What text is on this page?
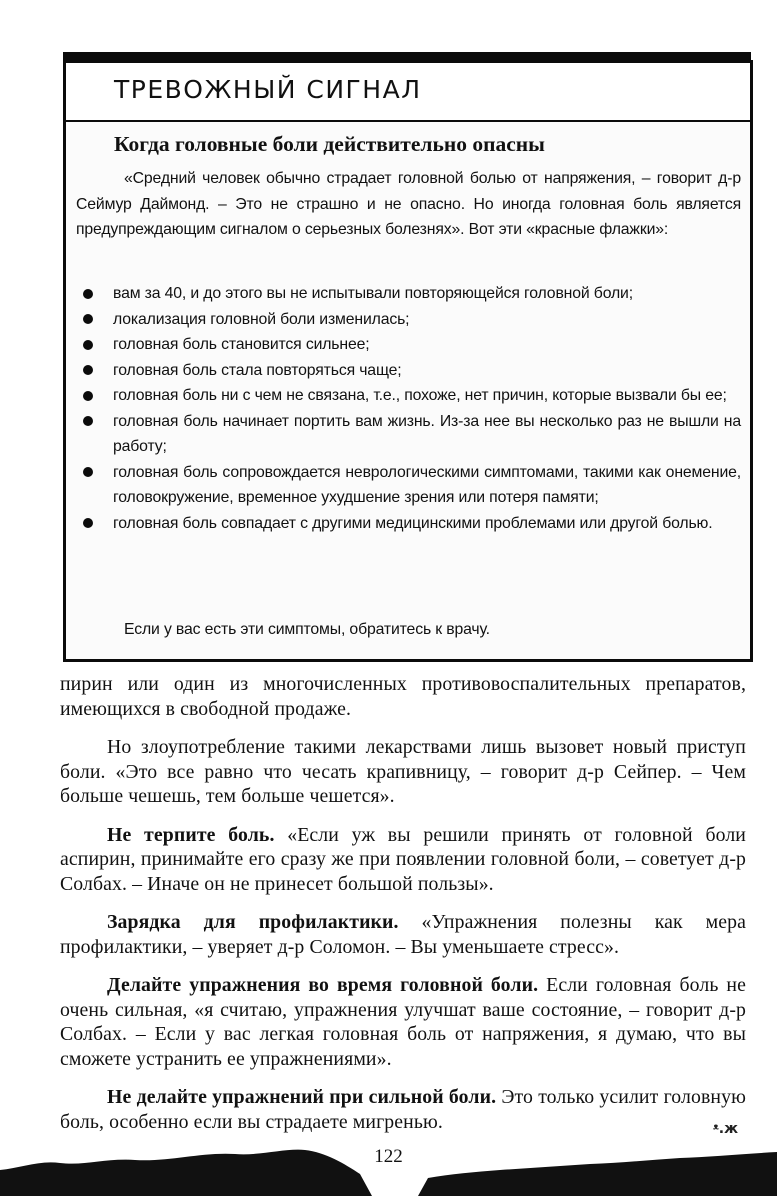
ТРЕВОЖНЫЙ СИГНАЛ
Когда головные боли действительно опасны

«Средний человек обычно страдает головной болью от напряжения, – говорит д-р Сеймур Даймонд. – Это не страшно и не опасно. Но иногда головная боль является предупреждающим сигналом о серьезных болезнях». Вот эти «красные флажки»:

вам за 40, и до этого вы не испытывали повторяющейся головной боли;
локализация головной боли изменилась;
головная боль становится сильнее;
головная боль стала повторяться чаще;
головная боль ни с чем не связана, т.е., похоже, нет причин, которые вызвали бы ее;
головная боль начинает портить вам жизнь. Из-за нее вы несколько раз не вышли на работу;
головная боль сопровождается неврологическими симптомами, такими как онемение, головокружение, временное ухудшение зрения или потеря памяти;
головная боль совпадает с другими медицинскими проблемами или другой болью.

Если у вас есть эти симптомы, обратитесь к врачу.

пирин или один из многочисленных противовоспалительных препаратов, имеющихся в свободной продаже.

Но злоупотребление такими лекарствами лишь вызовет новый приступ боли. «Это все равно что чесать крапивницу, – говорит д-р Сейпер. – Чем больше чешешь, тем больше чешется».

Не терпите боль. «Если уж вы решили принять от головной боли аспирин, принимайте его сразу же при появлении головной боли, – советует д-р Солбах. – Иначе он не принесет большой пользы».

Зарядка для профилактики. «Упражнения полезны как мера профилактики, – уверяет д-р Соломон. – Вы уменьшаете стресс».

Делайте упражнения во время головной боли. Если головная боль не очень сильная, «я считаю, упражнения улучшат ваше состояние, – говорит д-р Солбах. – Если у вас легкая головная боль от напряжения, я думаю, что вы сможете устранить ее упражнениями».

Не делайте упражнений при сильной боли. Это только усилит головную боль, особенно если вы страдаете мигренью.	ᵜ.ж
122
